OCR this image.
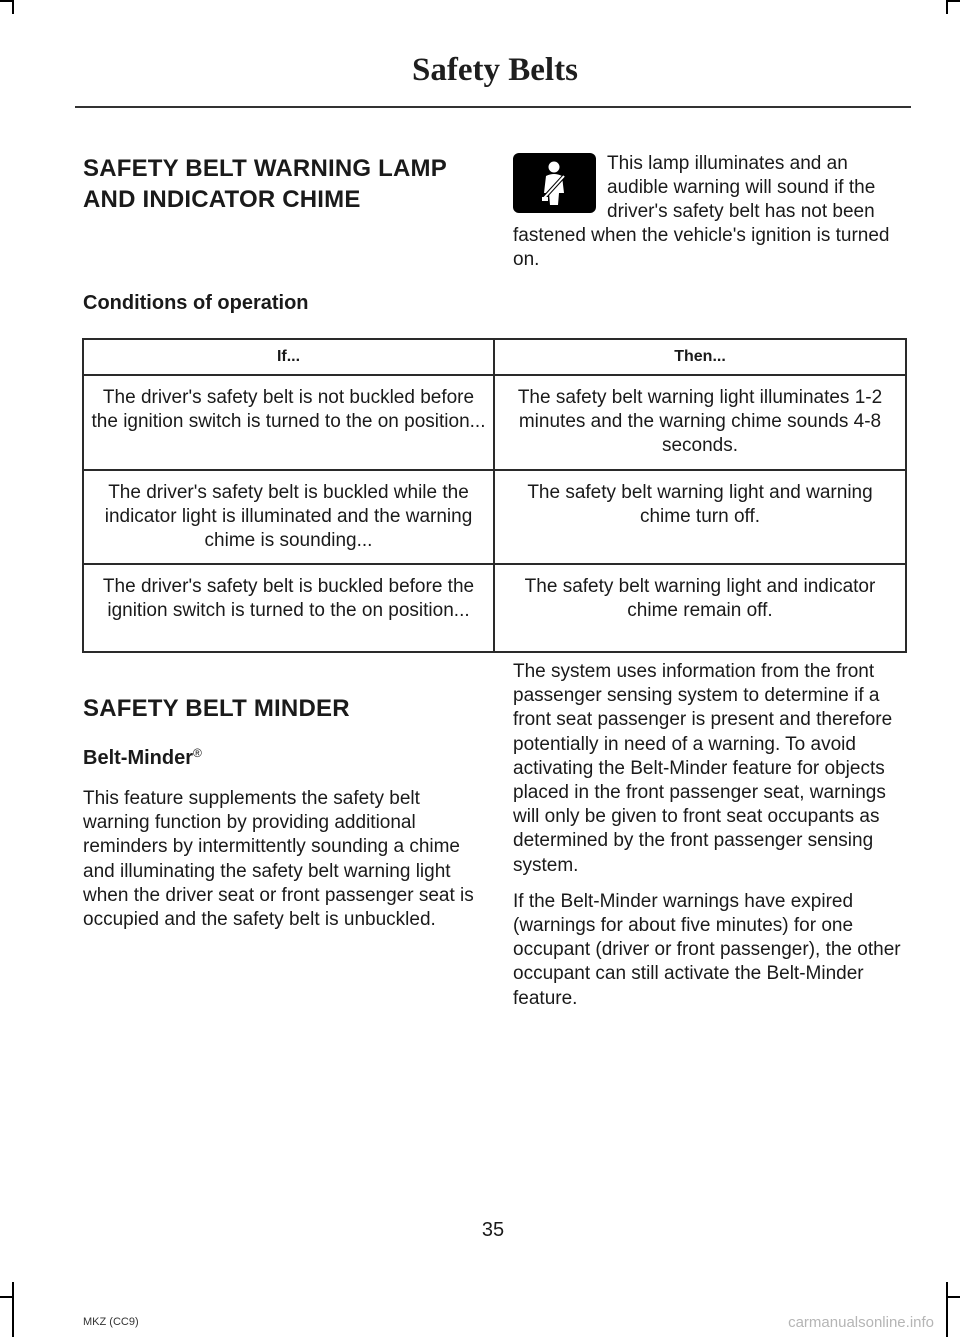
Safety Belts
SAFETY BELT WARNING LAMP
AND INDICATOR CHIME
This lamp illuminates and an audible warning will sound if the driver's safety belt has not been
fastened when the vehicle's ignition is turned on.
Conditions of operation
If...	Then...
The driver's safety belt is not buckled before the ignition switch is turned to the on position...	The safety belt warning light illuminates 1-2 minutes and the warning chime sounds 4-8 seconds.
The driver's safety belt is buckled while the indicator light is illuminated and the warning chime is sounding...	The safety belt warning light and warning chime turn off.
The driver's safety belt is buckled before the ignition switch is turned to the on position...	The safety belt warning light and indicator chime remain off.
SAFETY BELT MINDER
Belt-Minder®

This feature supplements the safety belt warning function by providing additional reminders by intermittently sounding a chime and illuminating the safety belt warning light when the driver seat or front passenger seat is occupied and the safety belt is unbuckled.

The system uses information from the front passenger sensing system to determine if a front seat passenger is present and therefore potentially in need of a warning. To avoid activating the Belt-Minder feature for objects placed in the front passenger seat, warnings will only be given to front seat occupants as determined by the front passenger sensing system.

If the Belt-Minder warnings have expired (warnings for about five minutes) for one occupant (driver or front passenger), the other occupant can still activate the Belt-Minder feature.

35
MKZ (CC9)	carmanualsonline.info
